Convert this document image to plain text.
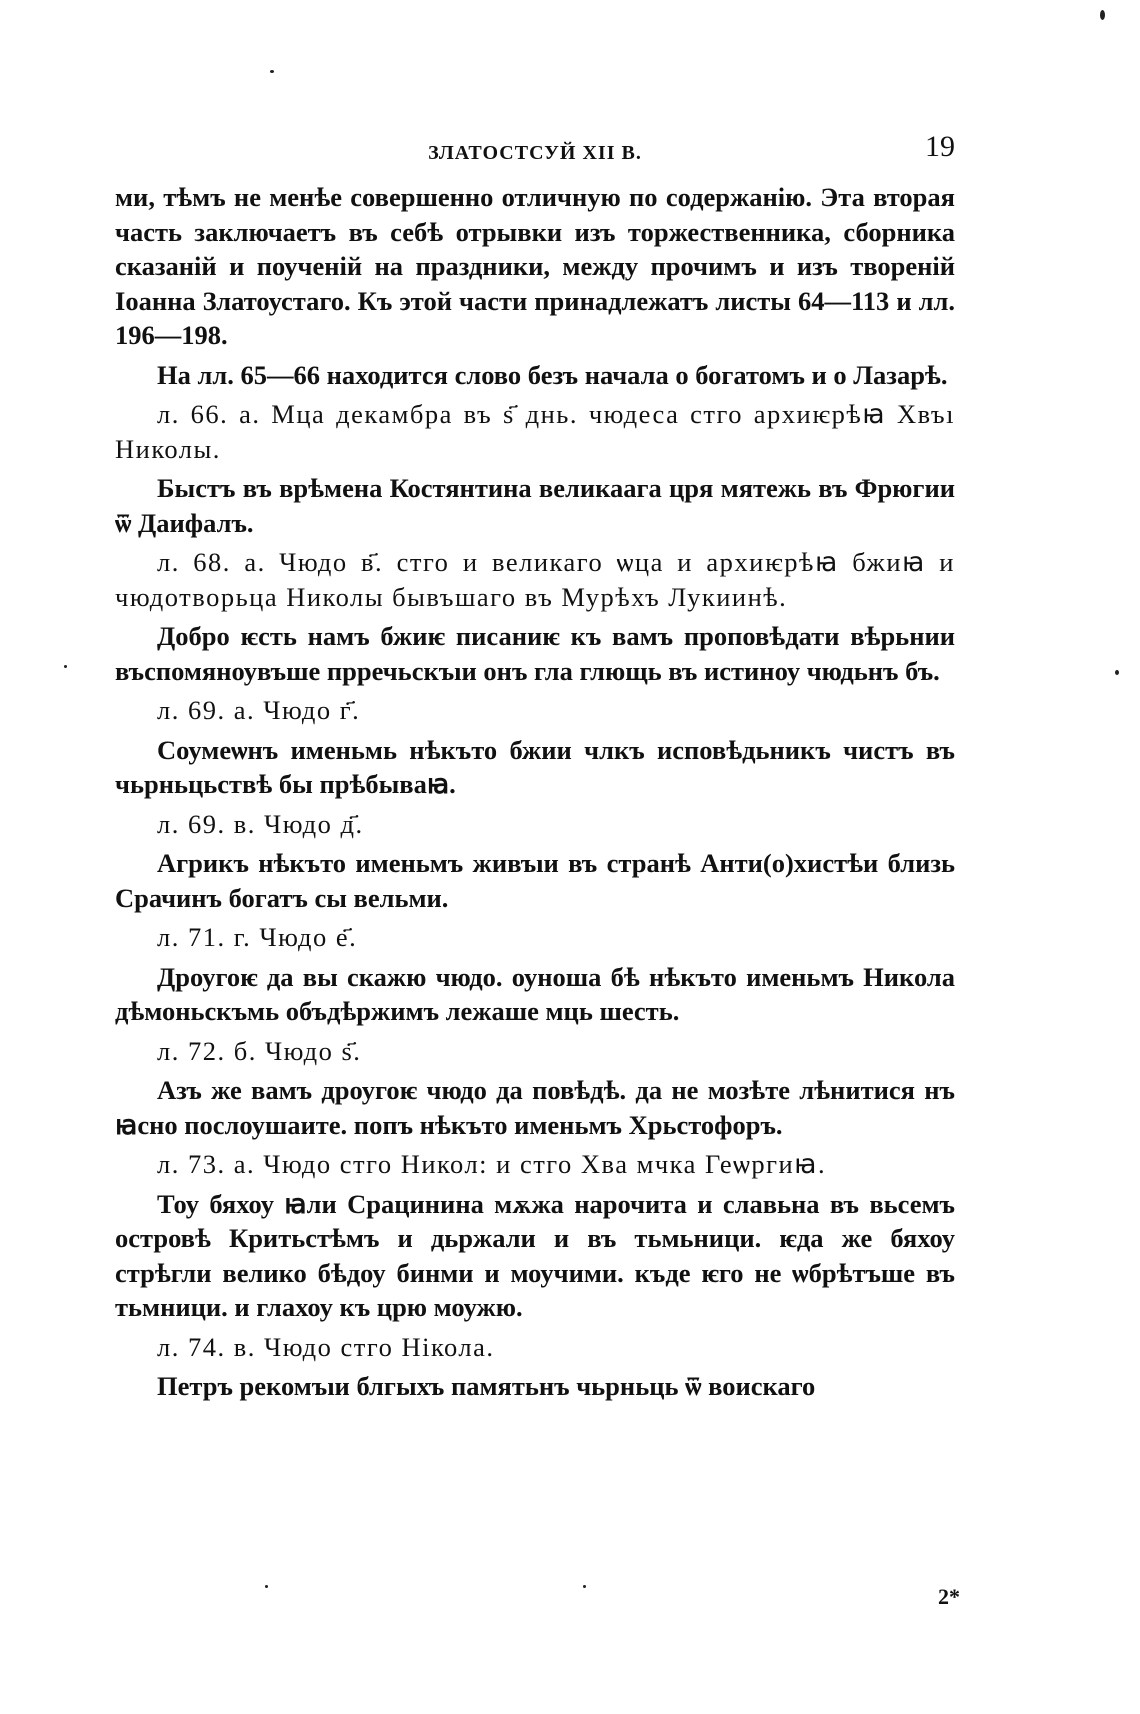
ЗЛАТОСТСУЙ XII В.	19

ми, тѣмъ не менѣе совершенно отличную по содержанію. Эта вторая часть заключаетъ въ себѣ отрывки изъ торжественника, сборника сказаній и поученій на праздники, между прочимъ и изъ твореній Іоанна Златоустаго. Къ этой части принадлежатъ листы 64—113 и лл. 196—198.

На лл. 65—66 находится слово безъ начала о богатомъ и о Лазарѣ.

л. 66. а. Мца декамбра въ ѕ҃ днь. чюдеса стго архиѥрѣꙗ Хвъı Николы.

Быстъ въ врѣмена Костянтина великаага цря мятежь въ Фрюгии ѿ Даифалъ.

л. 68. а. Чюдо в҃. стго и великаго ѡца и архиѥрѣꙗ бжиꙗ и чюдотворьца Николы бывъшаго въ Мурѣхъ Лукиинѣ.

Добро ѥсть намъ бжиѥ писаниѥ къ вамъ проповѣдати вѣрьнии въспомяноувъше прречьскъıи онъ гла глющь въ истиноу чюдьнъ бъ.

л. 69. а. Чюдо г҃.

Соумеѡнъ именьмь нѣкъто бжии члкъ исповѣдьникъ чистъ въ чьрньцьствѣ бы прѣбываꙗ.

л. 69. в. Чюдо д҃.

Агрикъ нѣкъто именьмъ живъıи въ странѣ Анти(о)хистѣи близь Срачинъ богатъ сы вельми.

л. 71. г. Чюдо е҃.

Дроугоѥ да вы скажю чюдо. оуноша бѣ нѣкъто именьмъ Никола дѣмоньскъмь объдѣржимъ лежаше мць шесть.

л. 72. б. Чюдо ѕ҃.

Азъ же вамъ дроугоѥ чюдо да повѣдѣ. да не мозѣте лѣнитися нъ ꙗсно послоушаите. попъ нѣкъто именьмъ Хрьстофоръ.

л. 73. а. Чюдо стго Никол: и стго Хва мчка Геѡргиꙗ.

Тоу бяхоу ꙗли Срацинина мѫжа нарочита и славьна въ вьсемъ островѣ Критьстѣмъ и дьржали и въ тьмьници. ѥда же бяхоу стрѣгли велико бѣдоу бинми и моучими. къде ѥго не ѡбрѣтъше въ тьмници. и глахоу къ црю моужю.

л. 74. в. Чюдо стго Нікола.

Петръ рекомъıи блгыхъ памятьнъ чьрньць ѿ воискаго

2*
